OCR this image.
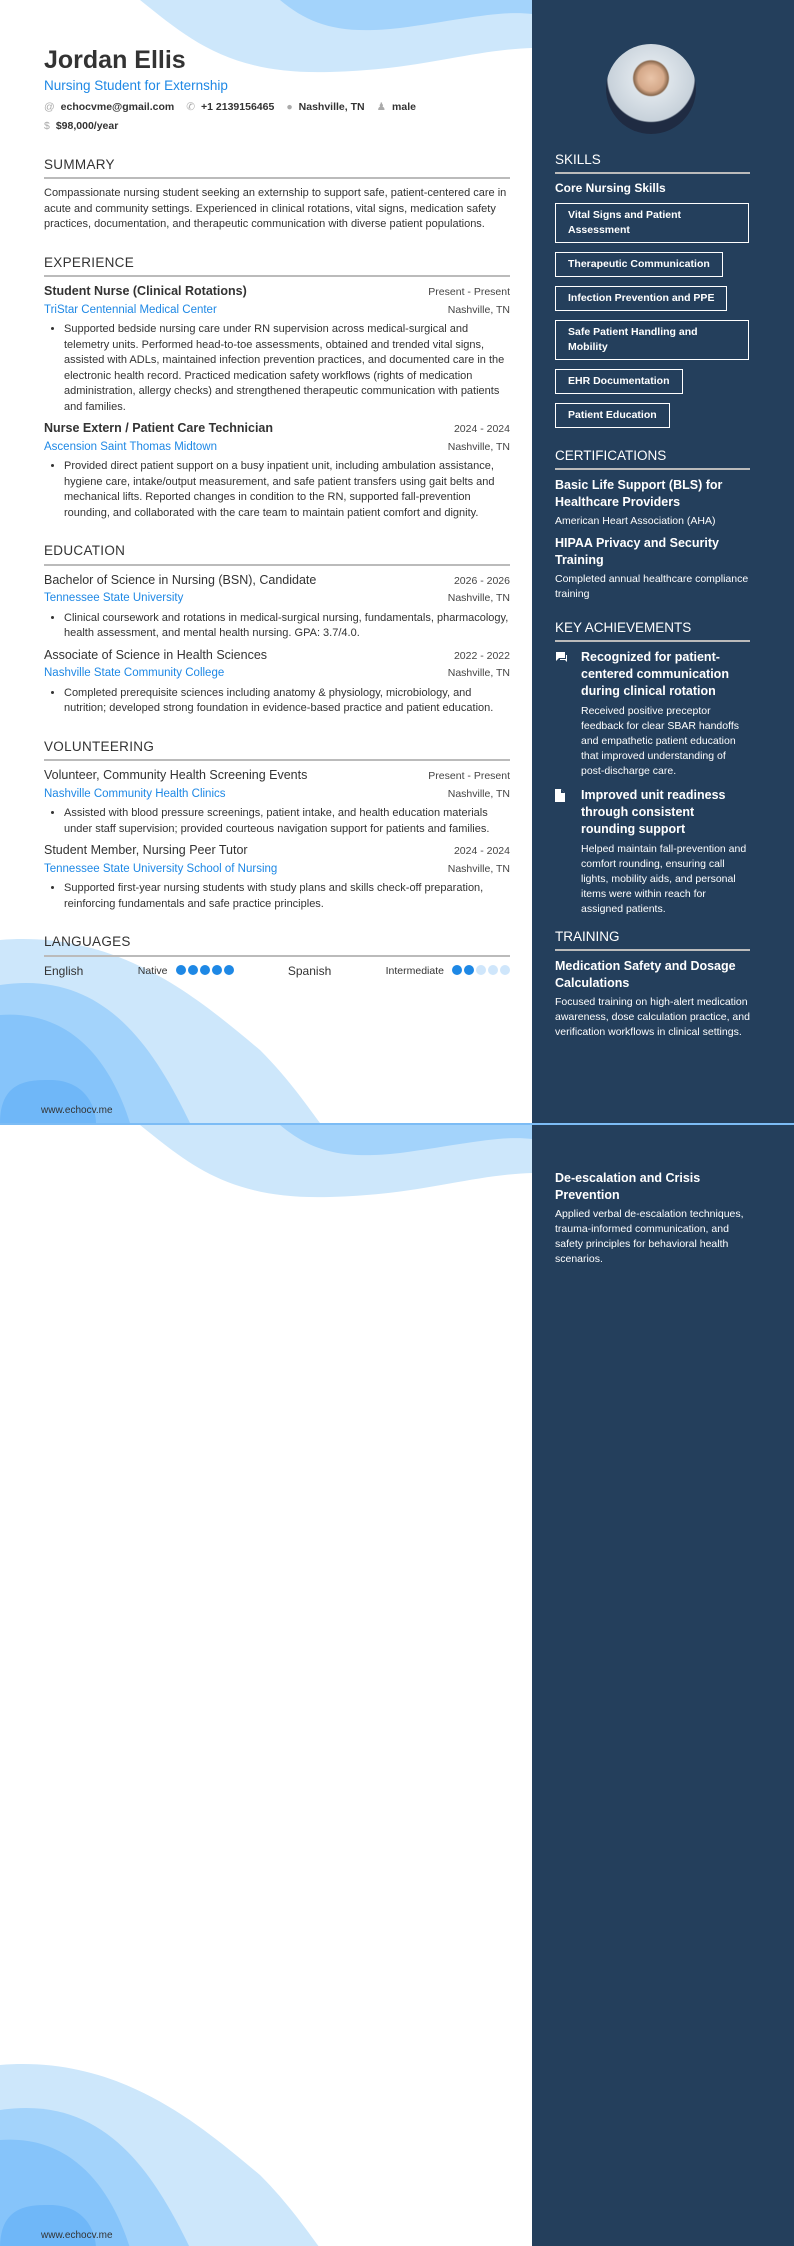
Jordan Ellis
Nursing Student for Externship
@ echocvme@gmail.com ✆ +1 2139156465 ● Nashville, TN ♟ male
$ $98,000/year
SUMMARY
Compassionate nursing student seeking an externship to support safe, patient-centered care in acute and community settings. Experienced in clinical rotations, vital signs, medication safety practices, documentation, and therapeutic communication with diverse patient populations.
EXPERIENCE
Student Nurse (Clinical Rotations)	Present - Present
TriStar Centennial Medical Center	Nashville, TN
• Supported bedside nursing care under RN supervision across medical-surgical and telemetry units. Performed head-to-toe assessments, obtained and trended vital signs, assisted with ADLs, maintained infection prevention practices, and documented care in the electronic health record. Practiced medication safety workflows (rights of medication administration, allergy checks) and strengthened therapeutic communication with patients and families.
Nurse Extern / Patient Care Technician	2024 - 2024
Ascension Saint Thomas Midtown	Nashville, TN
• Provided direct patient support on a busy inpatient unit, including ambulation assistance, hygiene care, intake/output measurement, and safe patient transfers using gait belts and mechanical lifts. Reported changes in condition to the RN, supported fall-prevention rounding, and collaborated with the care team to maintain patient comfort and dignity.
EDUCATION
Bachelor of Science in Nursing (BSN), Candidate	2026 - 2026
Tennessee State University	Nashville, TN
• Clinical coursework and rotations in medical-surgical nursing, fundamentals, pharmacology, health assessment, and mental health nursing. GPA: 3.7/4.0.
Associate of Science in Health Sciences	2022 - 2022
Nashville State Community College	Nashville, TN
• Completed prerequisite sciences including anatomy & physiology, microbiology, and nutrition; developed strong foundation in evidence-based practice and patient education.
VOLUNTEERING
Volunteer, Community Health Screening Events	Present - Present
Nashville Community Health Clinics	Nashville, TN
• Assisted with blood pressure screenings, patient intake, and health education materials under staff supervision; provided courteous navigation support for patients and families.
Student Member, Nursing Peer Tutor	2024 - 2024
Tennessee State University School of Nursing	Nashville, TN
• Supported first-year nursing students with study plans and skills check-off preparation, reinforcing fundamentals and safe practice principles.
LANGUAGES
English	Native	Spanish	Intermediate
www.echocv.me
SKILLS
Core Nursing Skills
Vital Signs and Patient Assessment
Therapeutic Communication
Infection Prevention and PPE
Safe Patient Handling and Mobility
EHR Documentation
Patient Education

CERTIFICATIONS
Basic Life Support (BLS) for Healthcare Providers
American Heart Association (AHA)
HIPAA Privacy and Security Training
Completed annual healthcare compliance training
KEY ACHIEVEMENTS
Recognized for patient-centered communication during clinical rotation
Received positive preceptor feedback for clear SBAR handoffs and empathetic patient education that improved understanding of post-discharge care.
Improved unit readiness through consistent rounding support
Helped maintain fall-prevention and comfort rounding, ensuring call lights, mobility aids, and personal items were within reach for assigned patients.
TRAINING
Medication Safety and Dosage Calculations
Focused training on high-alert medication awareness, dose calculation practice, and verification workflows in clinical settings.
De-escalation and Crisis Prevention
Applied verbal de-escalation techniques, trauma-informed communication, and safety principles for behavioral health scenarios.
www.echocv.me
